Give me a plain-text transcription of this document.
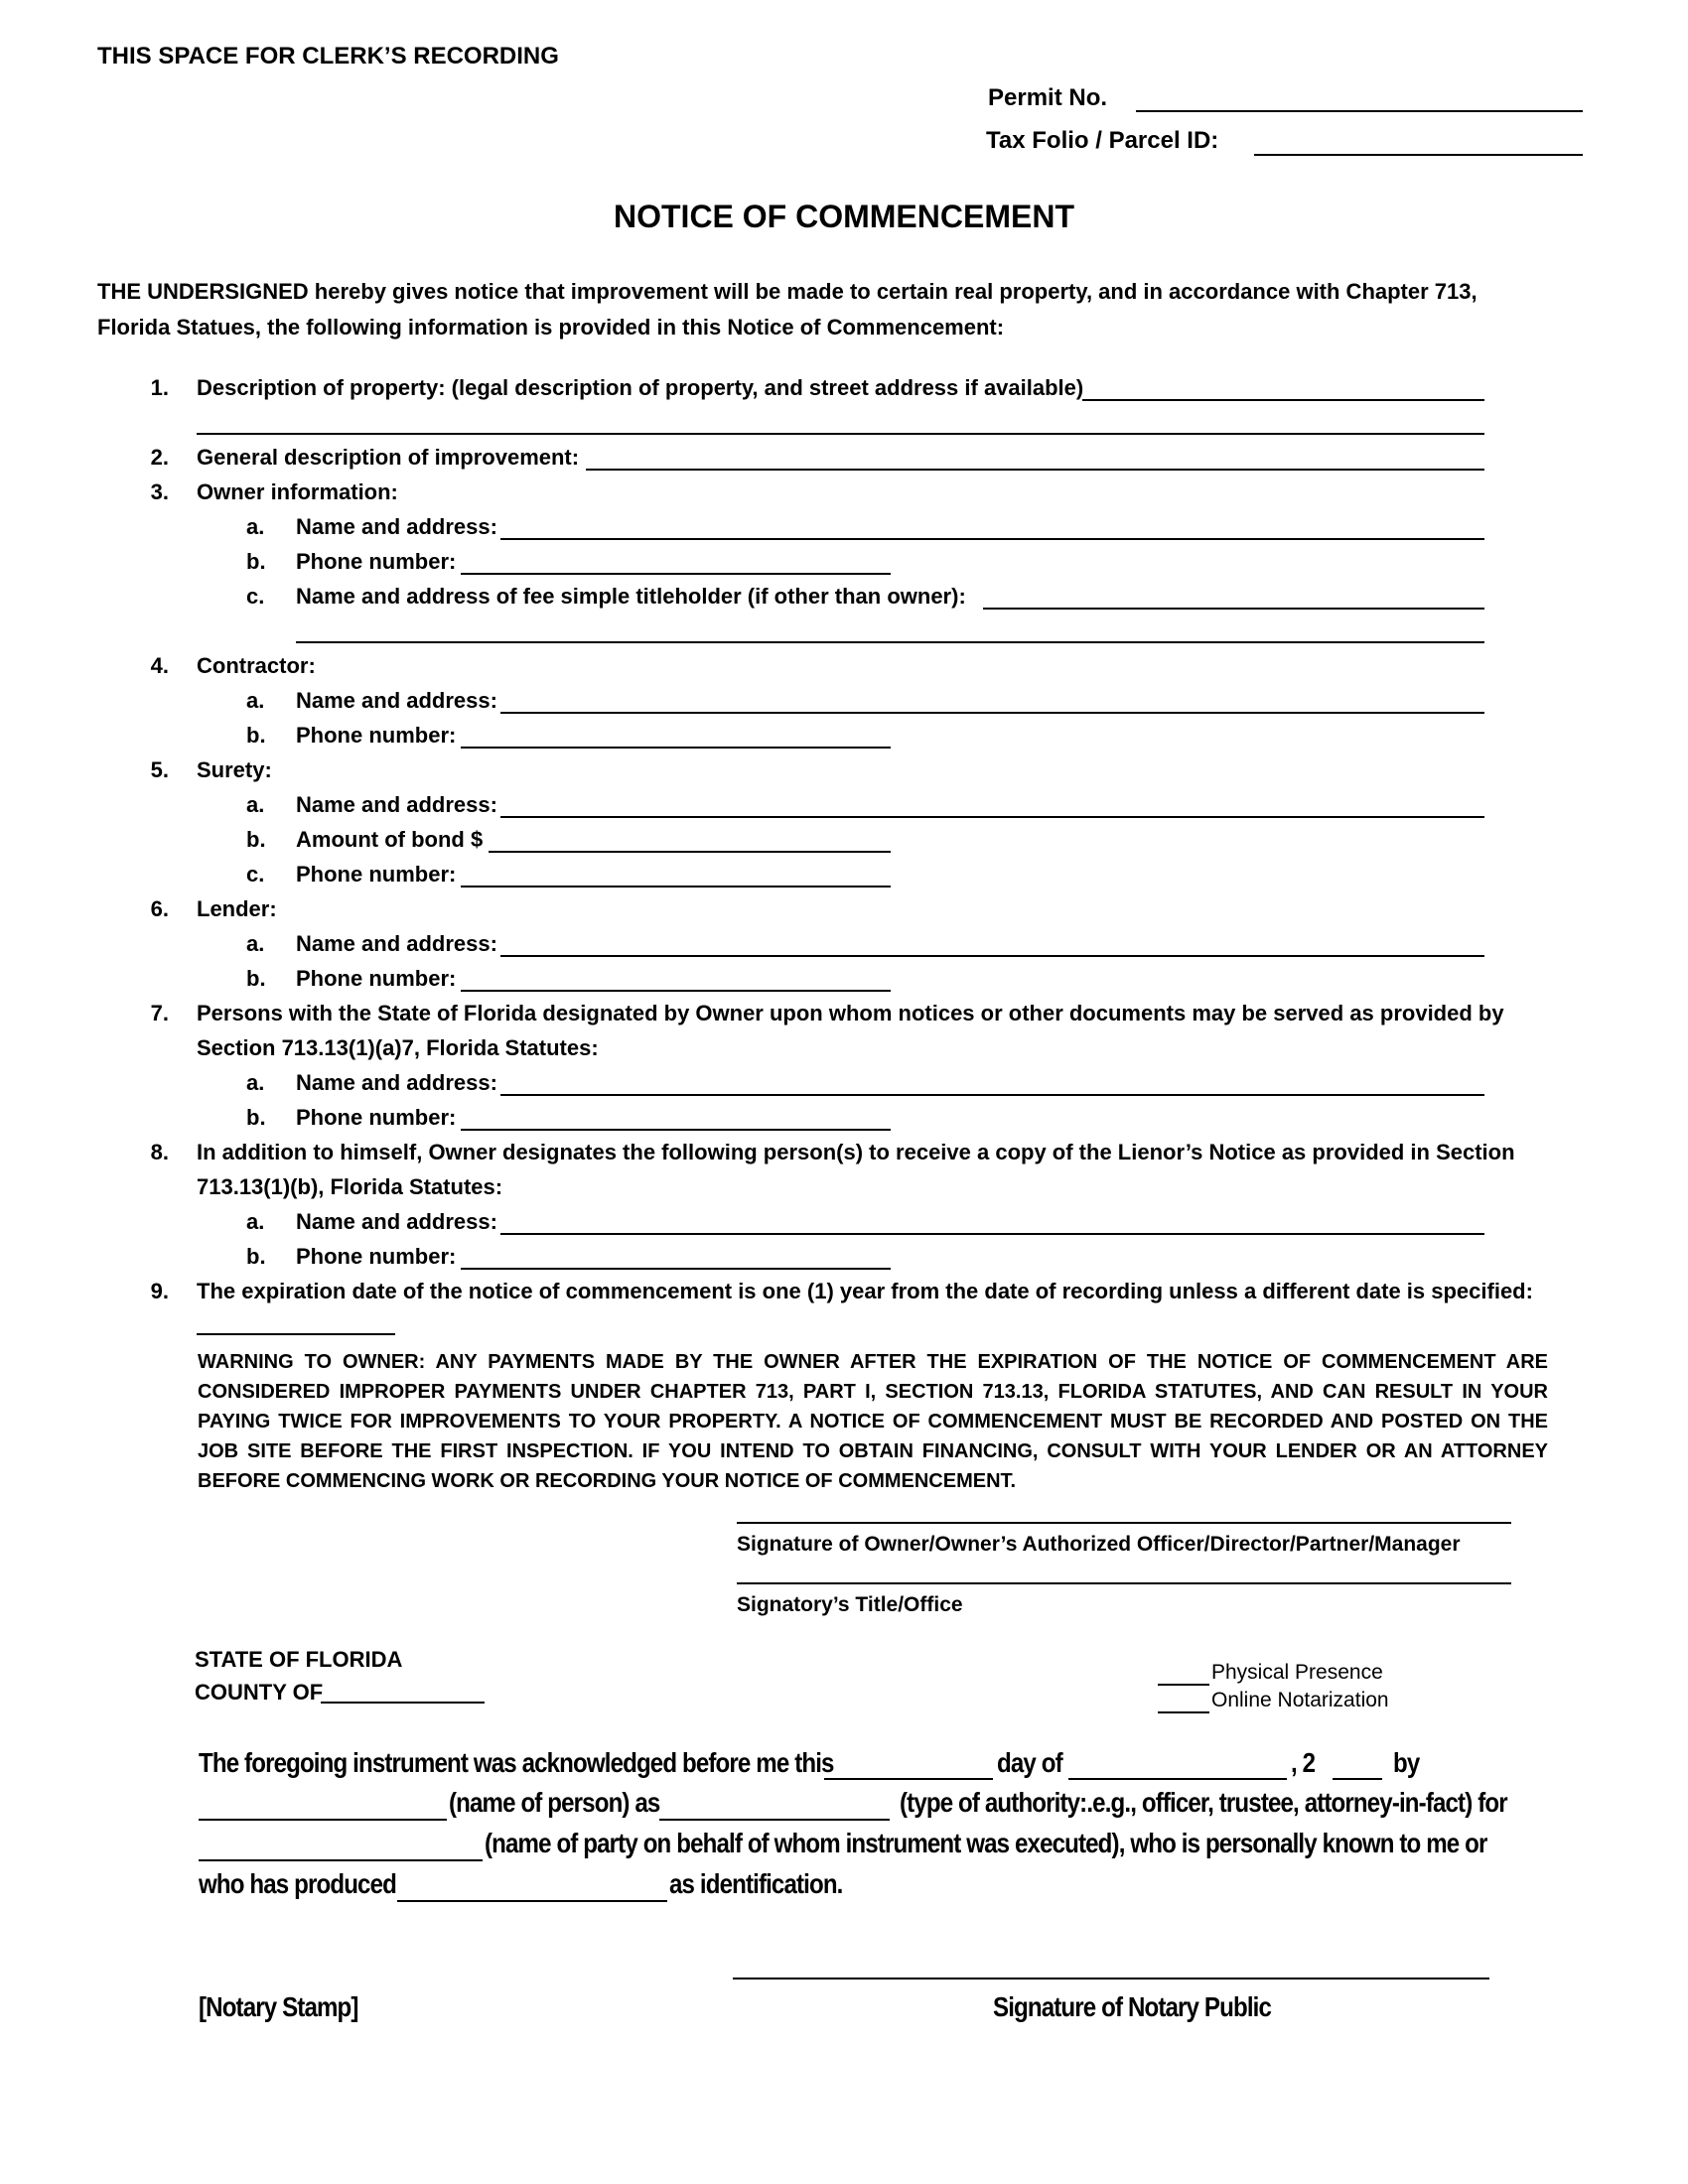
THIS SPACE FOR CLERK’S RECORDING
Permit No.
Tax Folio / Parcel ID:
NOTICE OF COMMENCEMENT
THE UNDERSIGNED hereby gives notice that improvement will be made to certain real property, and in accordance with Chapter 713, Florida Statues, the following information is provided in this Notice of Commencement:
1. Description of property: (legal description of property, and street address if available)
2. General description of improvement:
3. Owner information:
a. Name and address:
b. Phone number:
c. Name and address of fee simple titleholder (if other than owner):
4. Contractor:
a. Name and address:
b. Phone number:
5. Surety:
a. Name and address:
b. Amount of bond $
c. Phone number:
6. Lender:
a. Name and address:
b. Phone number:
7. Persons with the State of Florida designated by Owner upon whom notices or other documents may be served as provided by
Section 713.13(1)(a)7, Florida Statutes:
a. Name and address:
b. Phone number:
8. In addition to himself, Owner designates the following person(s) to receive a copy of the Lienor’s Notice as provided in Section
713.13(1)(b), Florida Statutes:
a. Name and address:
b. Phone number:
9. The expiration date of the notice of commencement is one (1) year from the date of recording unless a different date is specified:
WARNING TO OWNER: ANY PAYMENTS MADE BY THE OWNER AFTER THE EXPIRATION OF THE NOTICE OF COMMENCEMENT ARE CONSIDERED IMPROPER PAYMENTS UNDER CHAPTER 713, PART I, SECTION 713.13, FLORIDA STATUTES, AND CAN RESULT IN YOUR PAYING TWICE FOR IMPROVEMENTS TO YOUR PROPERTY. A NOTICE OF COMMENCEMENT MUST BE RECORDED AND POSTED ON THE JOB SITE BEFORE THE FIRST INSPECTION. IF YOU INTEND TO OBTAIN FINANCING, CONSULT WITH YOUR LENDER OR AN ATTORNEY BEFORE COMMENCING WORK OR RECORDING YOUR NOTICE OF COMMENCEMENT.
Signature of Owner/Owner’s Authorized Officer/Director/Partner/Manager
Signatory’s Title/Office
STATE OF FLORIDA
COUNTY OF
Physical Presence
Online Notarization
The foregoing instrument was acknowledged before me this	day of	, 2	by
(name of person) as	(type of authority:.e.g., officer, trustee, attorney-in-fact) for
(name of party on behalf of whom instrument was executed), who is personally known to me or
who has produced	as identification.
[Notary Stamp]	Signature of Notary Public
